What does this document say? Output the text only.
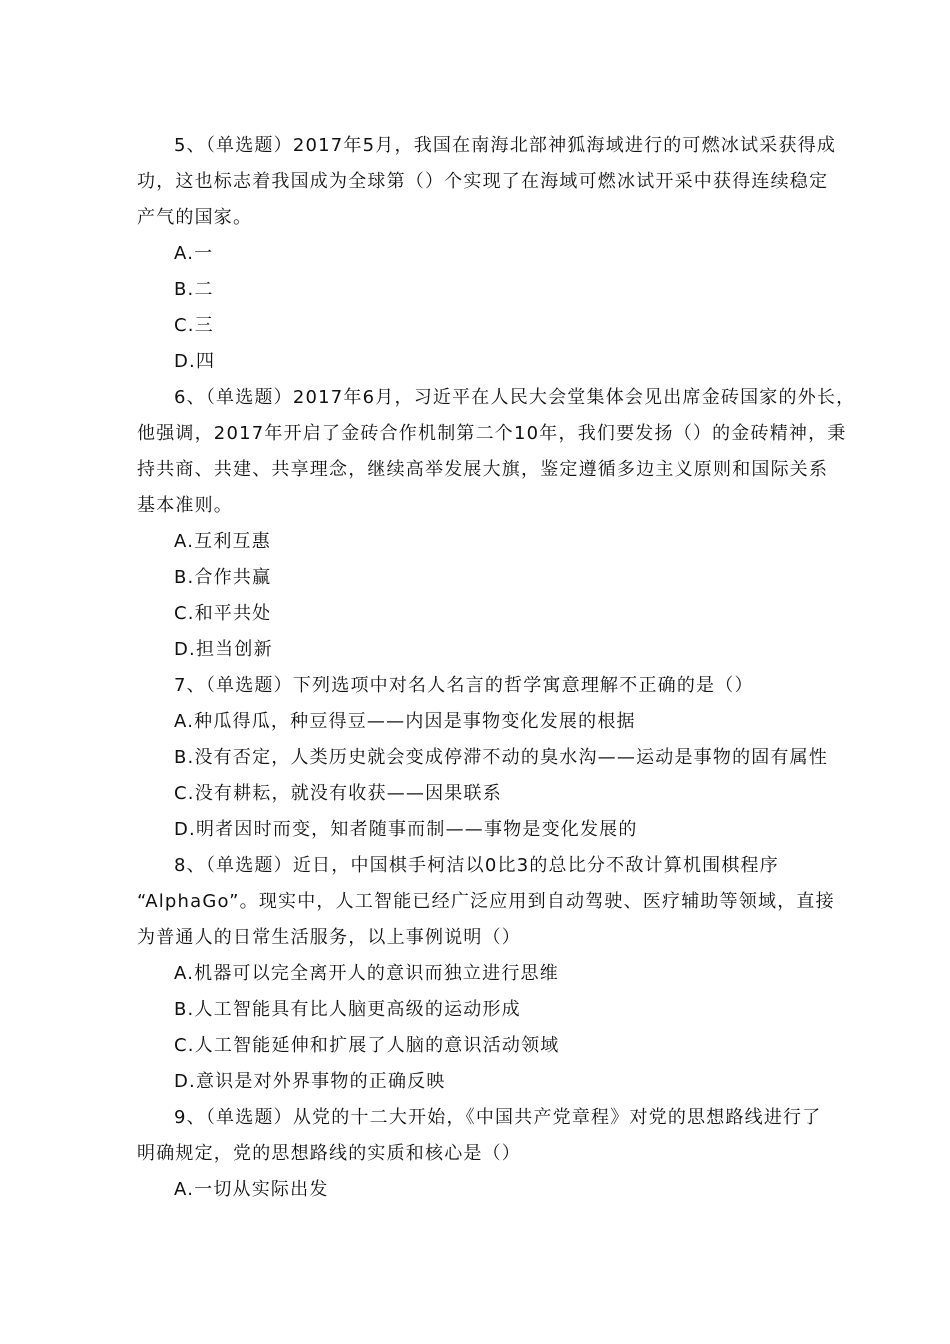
5、（单选题）2017年5月，我国在南海北部神狐海域进行的可燃冰试采获得成
功，这也标志着我国成为全球第（）个实现了在海域可燃冰试开采中获得连续稳定
产气的国家。
A.一
B.二
C.三
D.四
6、（单选题）2017年6月，习近平在人民大会堂集体会见出席金砖国家的外长，
他强调，2017年开启了金砖合作机制第二个10年，我们要发扬（）的金砖精神，秉
持共商、共建、共享理念，继续高举发展大旗，鉴定遵循多边主义原则和国际关系
基本准则。
A.互利互惠
B.合作共赢
C.和平共处
D.担当创新
7、（单选题）下列选项中对名人名言的哲学寓意理解不正确的是（）
A.种瓜得瓜，种豆得豆——内因是事物变化发展的根据
B.没有否定，人类历史就会变成停滞不动的臭水沟——运动是事物的固有属性
C.没有耕耘，就没有收获——因果联系
D.明者因时而变，知者随事而制——事物是变化发展的
8、（单选题）近日，中国棋手柯洁以0比3的总比分不敌计算机围棋程序
“AlphaGo”。现实中，人工智能已经广泛应用到自动驾驶、医疗辅助等领域，直接
为普通人的日常生活服务，以上事例说明（）
A.机器可以完全离开人的意识而独立进行思维
B.人工智能具有比人脑更高级的运动形成
C.人工智能延伸和扩展了人脑的意识活动领域
D.意识是对外界事物的正确反映
9、（单选题）从党的十二大开始，《中国共产党章程》对党的思想路线进行了
明确规定，党的思想路线的实质和核心是（）
A.一切从实际出发
